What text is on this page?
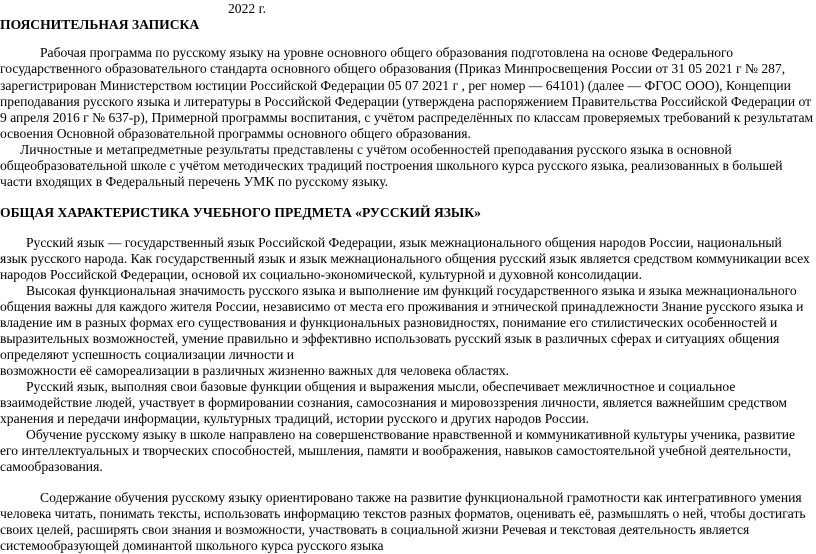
2022 г.
ПОЯСНИТЕЛЬНАЯ ЗАПИСКА
Рабочая программа по русскому языку на уровне основного общего образования подготовлена на основе Федерального
государственного образовательного стандарта основного общего образования (Приказ Минпросвещения России от 31 05 2021 г № 287,
зарегистрирован Министерством юстиции Российской Федерации 05 07 2021 г , рег номер — 64101) (далее — ФГОС ООО), Концепции
преподавания русского языка и литературы в Российской Федерации (утверждена распоряжением Правительства Российской Федерации от
9 апреля 2016 г № 637-р), Примерной программы воспитания, с учётом распределённых по классам проверяемых требований к результатам
освоения Основной образовательной программы основного общего образования.
Личностные и метапредметные результаты представлены с учётом особенностей преподавания русского языка в основной
общеобразовательной школе с учётом методических традиций построения школьного курса русского языка, реализованных в большей
части входящих в Федеральный перечень УМК по русскому языку.
ОБЩАЯ ХАРАКТЕРИСТИКА УЧЕБНОГО ПРЕДМЕТА «РУССКИЙ ЯЗЫК»
Русский язык — государственный язык Российской Федерации, язык межнационального общения народов России, национальный
язык русского народа. Как государственный язык и язык межнационального общения русский язык является средством коммуникации всех
народов Российской Федерации, основой их социально-экономической, культурной и духовной консолидации.
Высокая функциональная значимость русского языка и выполнение им функций государственного языка и языка межнационального
общения важны для каждого жителя России, независимо от места его проживания и этнической принадлежности Знание русского языка и
владение им в разных формах его существования и функциональных разновидностях, понимание его стилистических особенностей и
выразительных возможностей, умение правильно и эффективно использовать русский язык в различных сферах и ситуациях общения
определяют успешность социализации личности и
возможности её самореализации в различных жизненно важных для человека областях.
Русский язык, выполняя свои базовые функции общения и выражения мысли, обеспечивает межличностное и социальное
взаимодействие людей, участвует в формировании сознания, самосознания и мировоззрения личности, является важнейшим средством
хранения и передачи информации, культурных традиций, истории русского и других народов России.
Обучение русскому языку в школе направлено на совершенствование нравственной и коммуникативной культуры ученика, развитие
его интеллектуальных и творческих способностей, мышления, памяти и воображения, навыков самостоятельной учебной деятельности,
самообразования.
Содержание обучения русскому языку ориентировано также на развитие функциональной грамотности как интегративного умения
человека читать, понимать тексты, использовать информацию текстов разных форматов, оценивать её, размышлять о ней, чтобы достигать
своих целей, расширять свои знания и возможности, участвовать в социальной жизни Речевая и текстовая деятельность является
системообразующей доминантой школьного курса русского языка
